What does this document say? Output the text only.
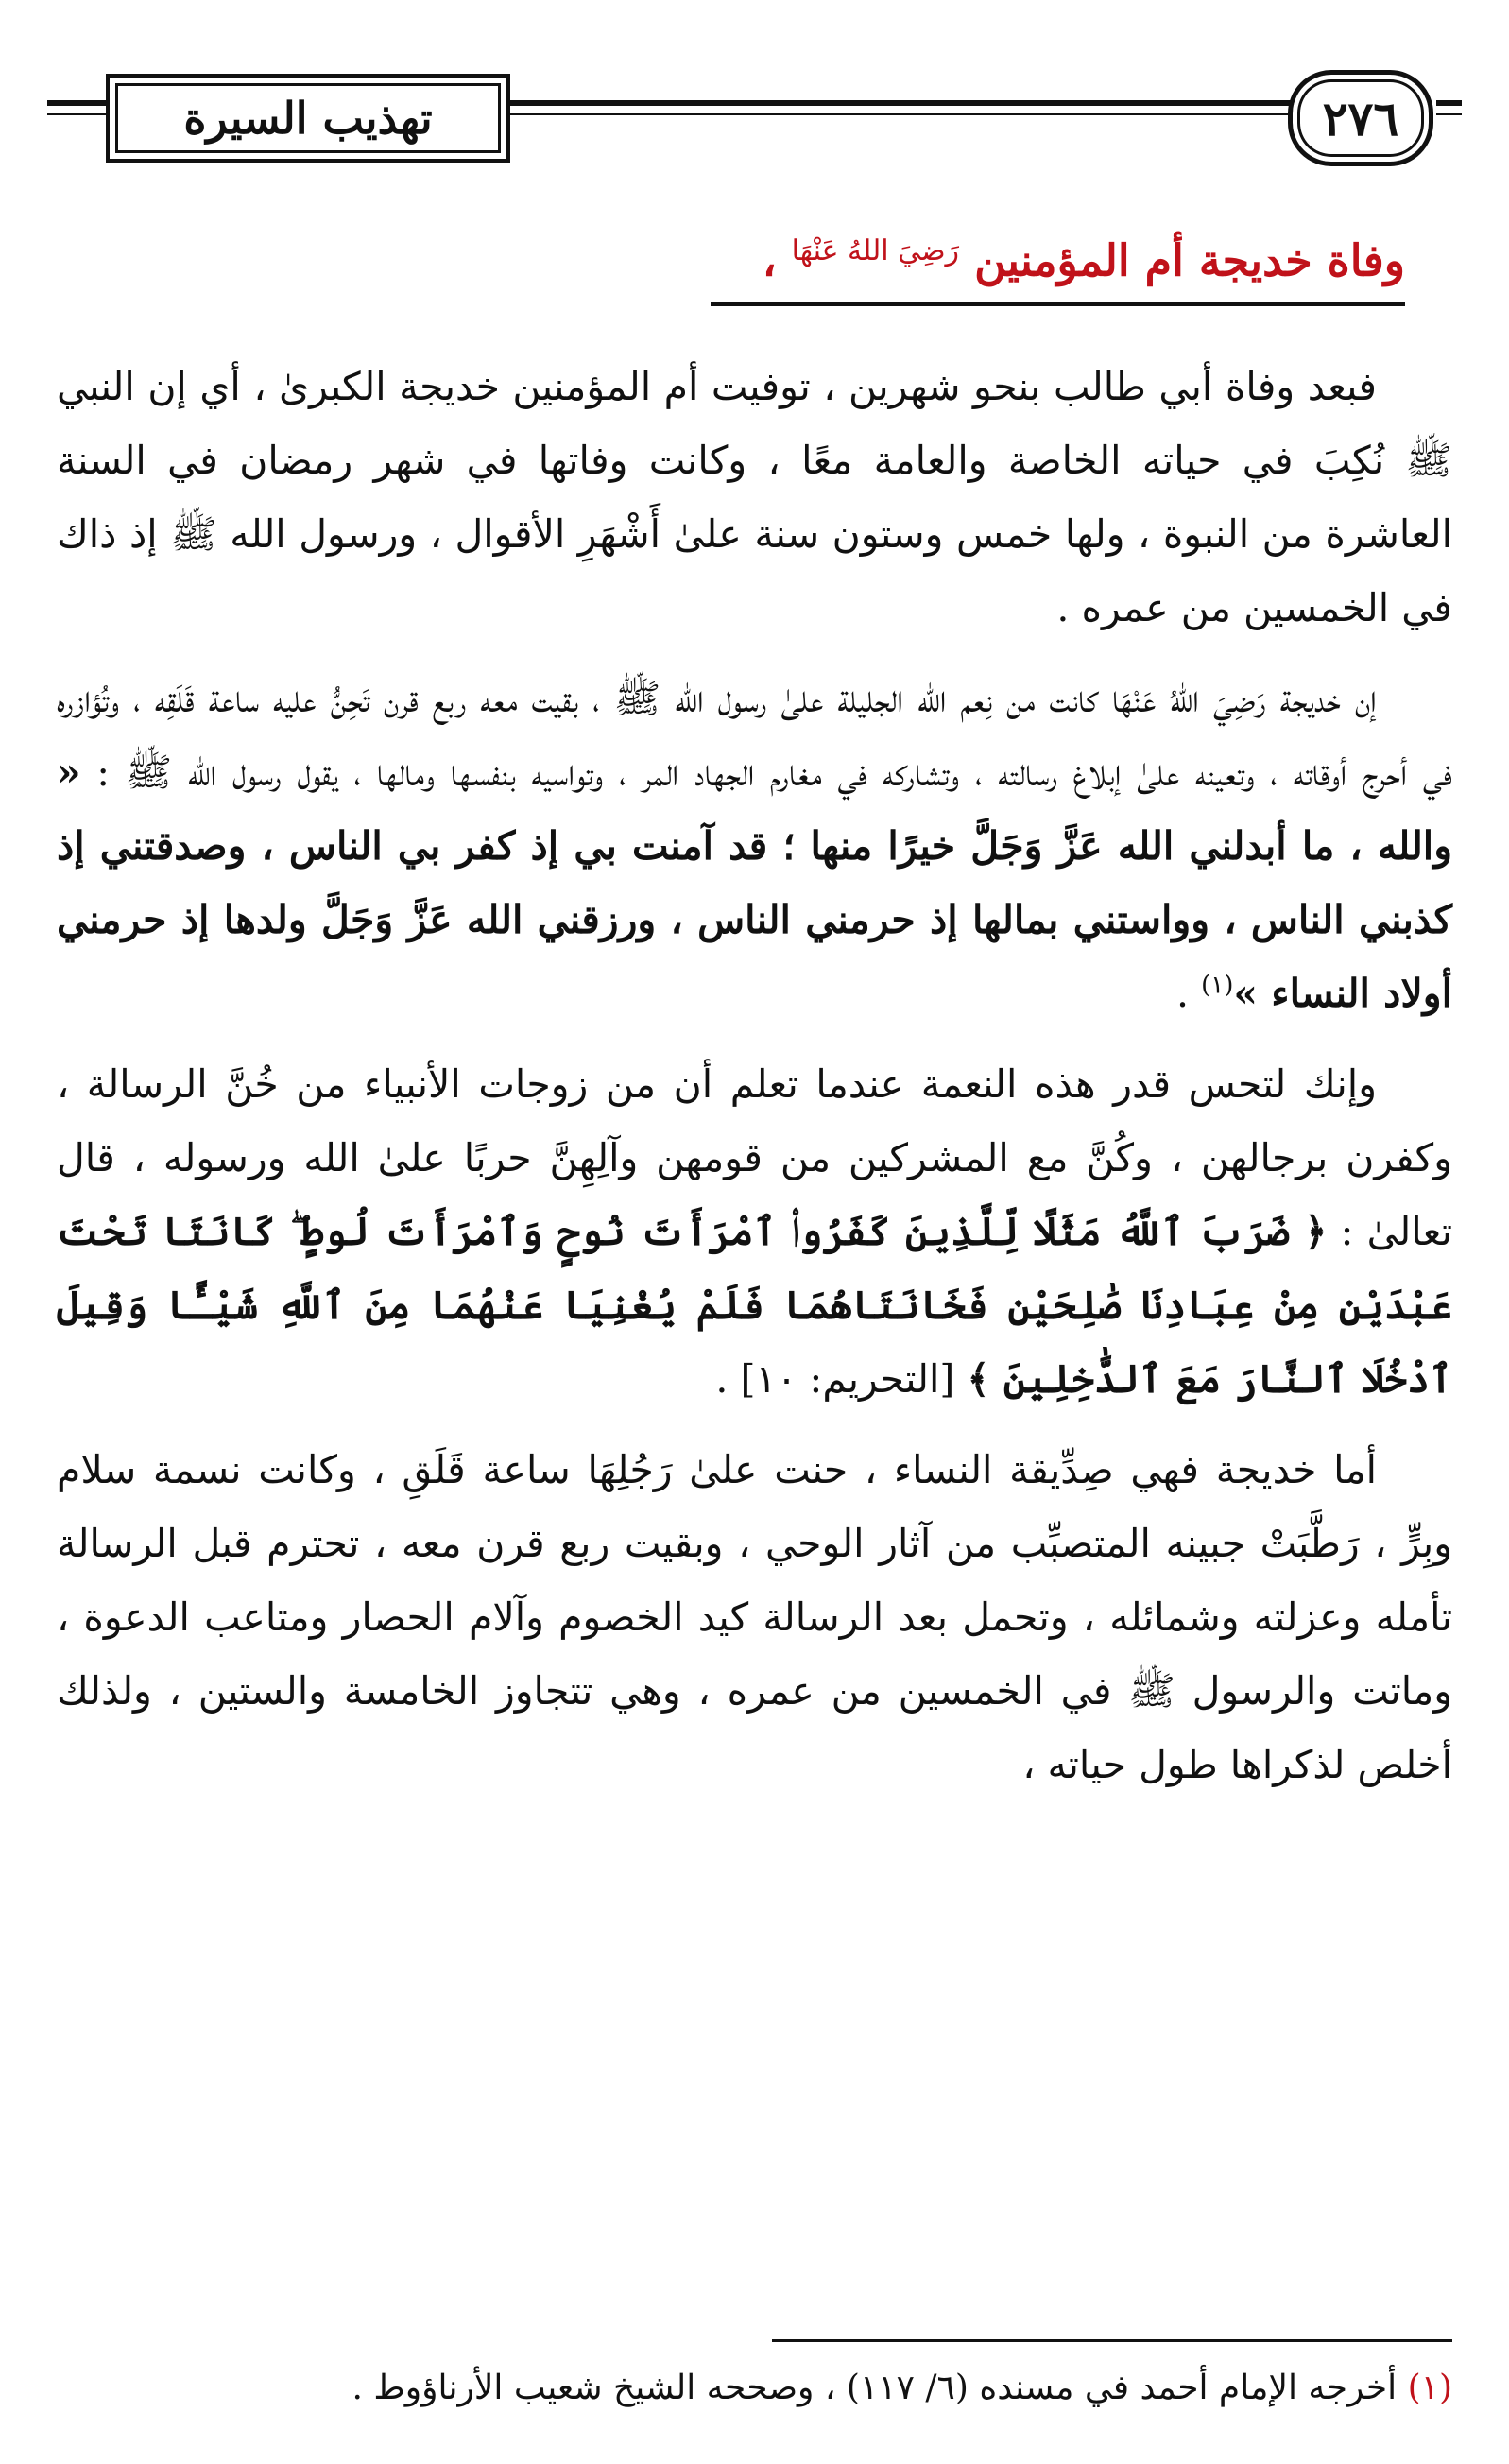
تهذيب السيرة	٢٧٦
وفاة خديجة أم المؤمنين $^{رَضِيَ اللهُ عَنْهَا}$ ،

فبعد وفاة أبي طالب بنحو شهرين ، توفيت أم المؤمنين خديجة الكبرىٰ ، أي إن النبي ﷺ نُكِبَ في حياته الخاصة والعامة معًا ، وكانت وفاتها في شهر رمضان في السنة العاشرة من النبوة ، ولها خمس وستون سنة علىٰ أَشْهَرِ الأقوال ، ورسول الله ﷺ إذ ذاك في الخمسين من عمره .

إن خديجة رَضِيَ اللهُ عَنْهَا كانت من نِعم الله الجليلة علىٰ رسول الله ﷺ ، بقيت معه ربع قرن تَحِنُّ عليه ساعة قَلَقِه ، وتُؤازره في أحرج أوقاته ، وتعينه علىٰ إبلاغ رسالته ، وتشاركه في مغارم الجهاد المر ، وتواسيه بنفسها ومالها ، يقول رسول الله ﷺ : « والله ، ما أبدلني الله عَزَّ وَجَلَّ خيرًا منها ؛ قد آمنت بي إذ كفر بي الناس ، وصدقتني إذ كذبني الناس ، وواستني بمالها إذ حرمني الناس ، ورزقني الله عَزَّ وَجَلَّ ولدها إذ حرمني أولاد النساء »$^{(١)}$ .

وإنك لتحس قدر هذه النعمة عندما تعلم أن من زوجات الأنبياء من خُنَّ الرسالة ، وكفرن برجالهن ، وكُنَّ مع المشركين من قومهن وآلِهِنَّ حربًا علىٰ الله ورسوله ، قال تعالىٰ : ﴿ ضَرَبَ ٱللَّهُ مَثَلًا لِّلَّذِينَ كَفَرُوا۟ ٱمْرَأَتَ نُوحٍ وَٱمْرَأَتَ لُوطٍ ۖ كَانَتَا تَحْتَ عَبْدَيْنِ مِنْ عِبَادِنَا صَٰلِحَيْنِ فَخَانَتَاهُمَا فَلَمْ يُغْنِيَا عَنْهُمَا مِنَ ٱللَّهِ شَيْـًٔا وَقِيلَ ٱدْخُلَا ٱلنَّارَ مَعَ ٱلدَّٰخِلِينَ ﴾ [التحريم: ١٠] .

أما خديجة فهي صِدِّيقة النساء ، حنت علىٰ رَجُلِهَا ساعة قَلَقِ ، وكانت نسمة سلام وبِرٍّ ، رَطَّبَتْ جبينه المتصبِّب من آثار الوحي ، وبقيت ربع قرن معه ، تحترم قبل الرسالة تأمله وعزلته وشمائله ، وتحمل بعد الرسالة كيد الخصوم وآلام الحصار ومتاعب الدعوة ، وماتت والرسول ﷺ في الخمسين من عمره ، وهي تتجاوز الخامسة والستين ، ولذلك أخلص لذكراها طول حياته ،

(١) أخرجه الإمام أحمد في مسنده (٦/ ١١٧) ، وصححه الشيخ شعيب الأرناؤوط .
